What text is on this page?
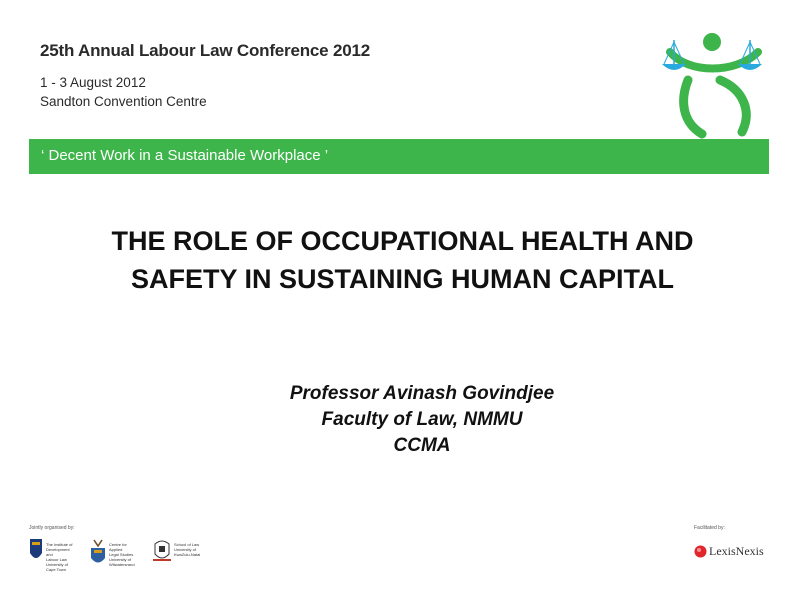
25th Annual Labour Law Conference 2012
1 - 3 August 2012
Sandton Convention Centre
‘ Decent Work in a Sustainable Workplace ’
THE ROLE OF OCCUPATIONAL HEALTH AND
SAFETY IN SUSTAINING HUMAN CAPITAL
Professor Avinash Govindjee
Faculty of Law, NMMU
CCMA
Jointly organised by:	Facilitated by:
The Institute of
Development and
Labour Law
University of
Cape Town
Centre for Applied
Legal Studies
University of
Witwatersrand
School of Law
University of
KwaZulu-Natal	LexisNexis
